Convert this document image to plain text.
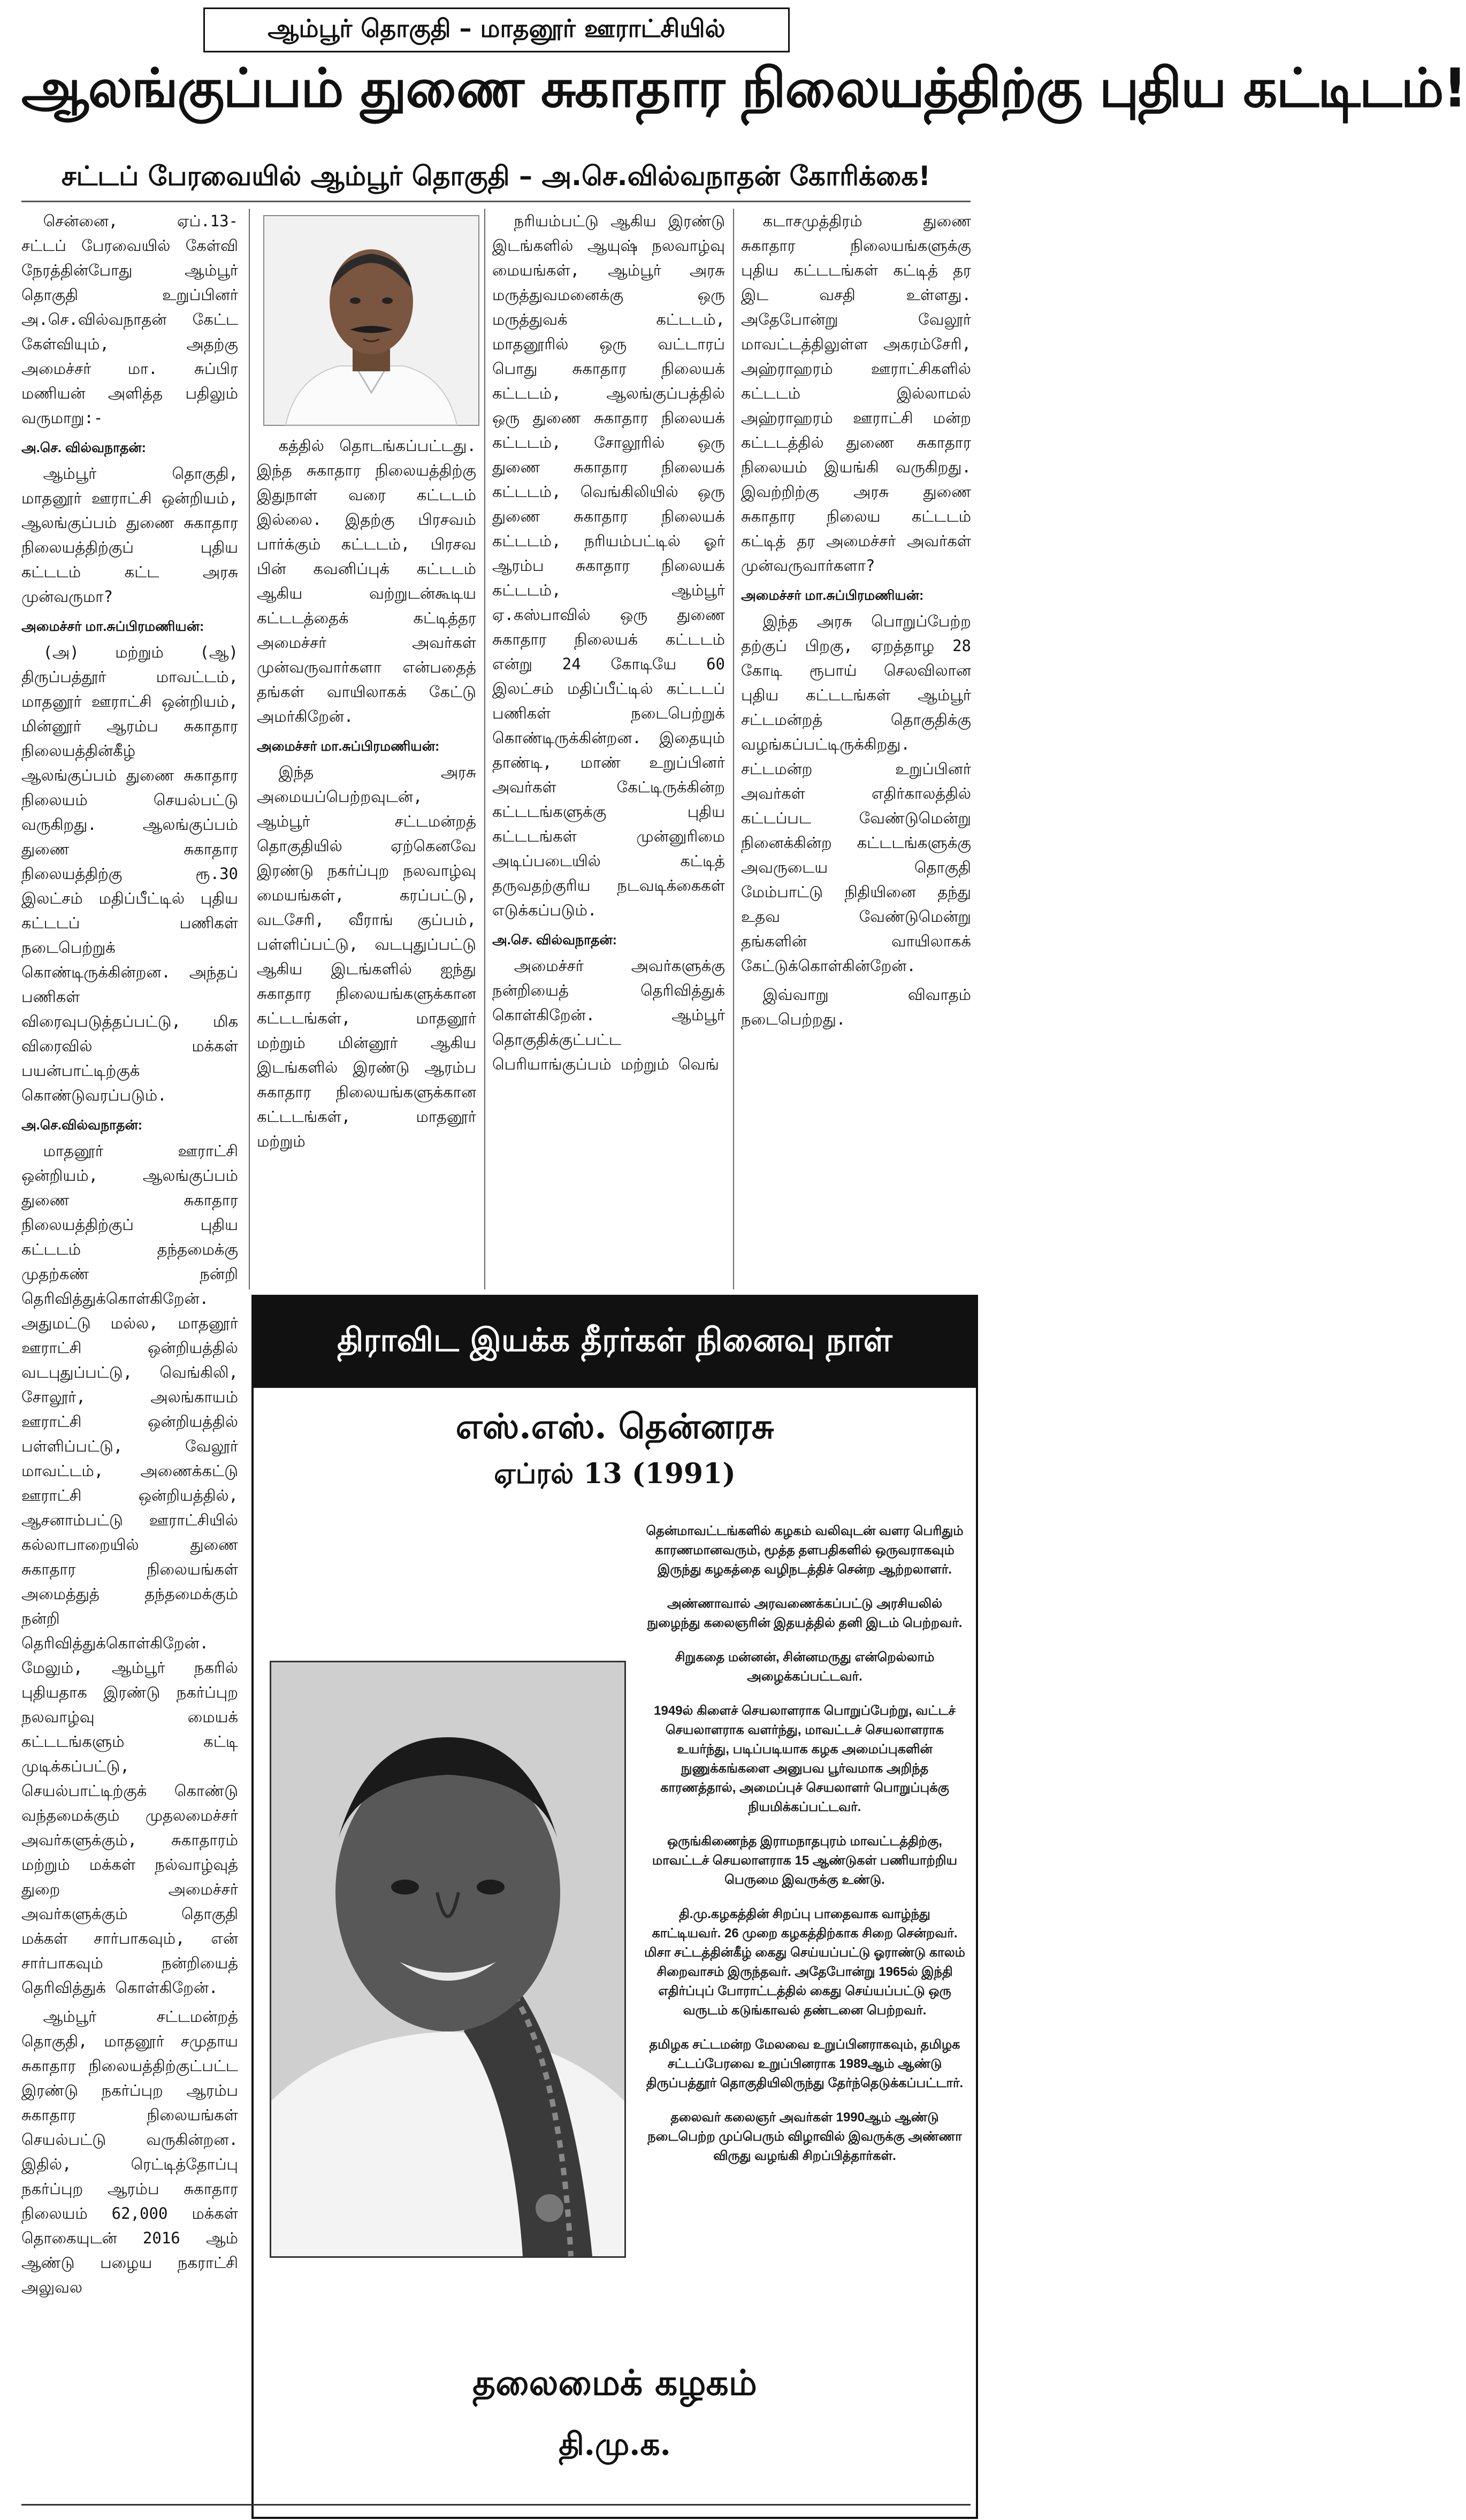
ஆம்பூர் தொகுதி – மாதனூர் ஊராட்சியில்
ஆலங்குப்பம் துணை சுகாதார நிலையத்திற்கு புதிய கட்டிடம்!
சட்டப் பேரவையில் ஆம்பூர் தொகுதி – அ.செ.வில்வநாதன் கோரிக்கை!

சென்னை, ஏப்.13- சட்டப் பேரவையில் கேள்வி நேரத்தின்போது ஆம்பூர் தொகுதி உறுப்பினர் அ.செ.வில்வநாதன் கேட்ட கேள்வியும், அதற்கு அமைச்சர் மா. சுப்பிர மணியன் அளித்த பதிலும் வருமாறு:-

அ.செ. வில்வநாதன்:

ஆம்பூர் தொகுதி, மாதனூர் ஊராட்சி ஒன்றியம், ஆலங்குப்பம் துணை சுகாதார நிலையத்திற்குப் புதிய கட்டடம் கட்ட அரசு முன்வருமா?

அமைச்சர் மா.சுப்பிரமணியன்:

(அ) மற்றும் (ஆ) திருப்பத்தூர் மாவட்டம், மாதனூர் ஊராட்சி ஒன்றியம், மின்னூர் ஆரம்ப சுகாதார நிலையத்தின்கீழ் ஆலங்குப்பம் துணை சுகாதார நிலையம் செயல்பட்டு வருகிறது. ஆலங்குப்பம் துணை சுகாதார நிலையத்திற்கு ரூ.30 இலட்சம் மதிப்பீட்டில் புதிய கட்டடப் பணிகள் நடைபெற்றுக் கொண்டிருக்கின்றன. அந்தப் பணிகள் விரைவுபடுத்தப்பட்டு, மிக விரைவில் மக்கள் பயன்பாட்டிற்குக் கொண்டுவரப்படும்.

அ.செ.வில்வநாதன்:

மாதனூர் ஊராட்சி ஒன்றியம், ஆலங்குப்பம் துணை சுகாதார நிலையத்திற்குப் புதிய கட்டடம் தந்தமைக்கு முதற்கண் நன்றி தெரிவித்துக்கொள்கிறேன். அதுமட்டு மல்ல, மாதனூர் ஊராட்சி ஒன்றியத்தில் வடபுதுப்பட்டு, வெங்கிலி, சோலூர், அலங்காயம் ஊராட்சி ஒன்றியத்தில் பள்ளிப்பட்டு, வேலூர் மாவட்டம், அணைக்கட்டு ஊராட்சி ஒன்றியத்தில், ஆசனாம்பட்டு ஊராட்சியில் கல்லாபாறையில் துணை சுகாதார நிலையங்கள் அமைத்துத் தந்தமைக்கும் நன்றி தெரிவித்துக்கொள்கிறேன். மேலும், ஆம்பூர் நகரில் புதியதாக இரண்டு நகர்ப்புற நலவாழ்வு மையக் கட்டடங்களும் கட்டி முடிக்கப்பட்டு, செயல்பாட்டிற்குக் கொண்டு வந்தமைக்கும் முதலமைச்சர் அவர்களுக்கும், சுகாதாரம் மற்றும் மக்கள் நல்வாழ்வுத் துறை அமைச்சர் அவர்களுக்கும் தொகுதி மக்கள் சார்பாகவும், என் சார்பாகவும் நன்றியைத் தெரிவித்துக் கொள்கிறேன்.

ஆம்பூர் சட்டமன்றத் தொகுதி, மாதனூர் சமுதாய சுகாதார நிலையத்திற்குட்பட்ட இரண்டு நகர்ப்புற ஆரம்ப சுகாதார நிலையங்கள் செயல்பட்டு வருகின்றன. இதில், ரெட்டித்தோப்பு நகர்ப்புற ஆரம்ப சுகாதார நிலையம் 62,000 மக்கள் தொகையுடன் 2016 ஆம் ஆண்டு பழைய நகராட்சி அலுவல

கத்தில் தொடங்கப்பட்டது. இந்த சுகாதார நிலையத்திற்கு இதுநாள் வரை கட்டடம் இல்லை. இதற்கு பிரசவம் பார்க்கும் கட்டடம், பிரசவ பின் கவனிப்புக் கட்டடம் ஆகிய வற்றுடன்கூடிய கட்டடத்தைக் கட்டித்தர அமைச்சர் அவர்கள் முன்வருவார்களா என்பதைத் தங்கள் வாயிலாகக் கேட்டு அமர்கிறேன்.

அமைச்சர் மா.சுப்பிரமணியன்:

இந்த அரசு அமையப்பெற்றவுடன், ஆம்பூர் சட்டமன்றத் தொகுதியில் ஏற்கெனவே இரண்டு நகர்ப்புற நலவாழ்வு மையங்கள், கரப்பட்டு, வடசேரி, வீராங் குப்பம், பள்ளிப்பட்டு, வடபுதுப்பட்டு ஆகிய இடங்களில் ஐந்து சுகாதார நிலையங்களுக்கான கட்டடங்கள், மாதனூர் மற்றும் மின்னூர் ஆகிய இடங்களில் இரண்டு ஆரம்ப சுகாதார நிலையங்களுக்கான கட்டடங்கள், மாதனூர் மற்றும்

நரியம்பட்டு ஆகிய இரண்டு இடங்களில் ஆயுஷ் நலவாழ்வு மையங்கள், ஆம்பூர் அரசு மருத்துவமனைக்கு ஒரு மருத்துவக் கட்டடம், மாதனூரில் ஒரு வட்டாரப் பொது சுகாதார நிலையக் கட்டடம், ஆலங்குப்பத்தில் ஒரு துணை சுகாதார நிலையக் கட்டடம், சோலூரில் ஒரு துணை சுகாதார நிலையக் கட்டடம், வெங்கிலியில் ஒரு துணை சுகாதார நிலையக் கட்டடம், நரியம்பட்டில் ஓர் ஆரம்ப சுகாதார நிலையக் கட்டடம், ஆம்பூர் ஏ.கஸ்பாவில் ஒரு துணை சுகாதார நிலையக் கட்டடம் என்று 24 கோடியே 60 இலட்சம் மதிப்பீட்டில் கட்டடப் பணிகள் நடைபெற்றுக் கொண்டிருக்கின்றன. இதையும் தாண்டி, மாண் உறுப்பினர் அவர்கள் கேட்டிருக்கின்ற கட்டடங்களுக்கு புதிய கட்டடங்கள் முன்னுரிமை அடிப்படையில் கட்டித் தருவதற்குரிய நடவடிக்கைகள் எடுக்கப்படும்.

அ.செ. வில்வநாதன்:

அமைச்சர் அவர்களுக்கு நன்றியைத் தெரிவித்துக் கொள்கிறேன். ஆம்பூர் தொகுதிக்குட்பட்ட பெரியாங்குப்பம் மற்றும் வெங்

கடாசமுத்திரம் துணை சுகாதார நிலையங்களுக்கு புதிய கட்டடங்கள் கட்டித் தர இட வசதி உள்ளது. அதேபோன்று வேலூர் மாவட்டத்திலுள்ள அகரம்சேரி, அஹ்ராஹரம் ஊராட்சிகளில் கட்டடம் இல்லாமல் அஹ்ராஹரம் ஊராட்சி மன்ற கட்டடத்தில் துணை சுகாதார நிலையம் இயங்கி வருகிறது. இவற்றிற்கு அரசு துணை சுகாதார நிலைய கட்டடம் கட்டித் தர அமைச்சர் அவர்கள் முன்வருவார்களா?

அமைச்சர் மா.சுப்பிரமணியன்:

இந்த அரசு பொறுப்பேற்ற தற்குப் பிறகு, ஏறத்தாழ 28 கோடி ரூபாய் செலவிலான புதிய கட்டடங்கள் ஆம்பூர் சட்டமன்றத் தொகுதிக்கு வழங்கப்பட்டிருக்கிறது. சட்டமன்ற உறுப்பினர் அவர்கள் எதிர்காலத்தில் கட்டப்பட வேண்டுமென்று நினைக்கின்ற கட்டடங்களுக்கு அவருடைய தொகுதி மேம்பாட்டு நிதியினை தந்து உதவ வேண்டுமென்று தங்களின் வாயிலாகக் கேட்டுக்கொள்கின்றேன்.

இவ்வாறு விவாதம் நடைபெற்றது.

திராவிட இயக்க தீரர்கள் நினைவு நாள்
எஸ்.எஸ். தென்னரசு
ஏப்ரல் 13 (1991)

தென்மாவட்டங்களில் கழகம் வலிவுடன் வளர பெரிதும் காரணமானவரும், மூத்த தளபதிகளில் ஒருவராகவும் இருந்து கழகத்தை வழிநடத்திச் சென்ற ஆற்றலாளர்.

அண்ணாவால் அரவணைக்கப்பட்டு அரசியலில் நுழைந்து கலைஞரின் இதயத்தில் தனி இடம் பெற்றவர்.

சிறுகதை மன்னன், சின்னமருது என்றெல்லாம் அழைக்கப்பட்டவர்.

1949ல் கிளைச் செயலாளராக பொறுப்பேற்று, வட்டச் செயலாளராக வளர்ந்து, மாவட்டச் செயலாளராக உயர்ந்து, படிப்படியாக கழக அமைப்புகளின் நுணுக்கங்களை அனுபவ பூர்வமாக அறிந்த காரணத்தால், அமைப்புச் செயலாளர் பொறுப்புக்கு நியமிக்கப்பட்டவர்.

ஒருங்கிணைந்த இராமநாதபுரம் மாவட்டத்திற்கு, மாவட்டச் செயலாளராக 15 ஆண்டுகள் பணியாற்றிய பெருமை இவருக்கு உண்டு.

தி.மு.கழகத்தின் சிறப்பு பாதைவாக வாழ்ந்து காட்டியவர். 26 முறை கழகத்திற்காக சிறை சென்றவர். மிசா சட்டத்தின்கீழ் கைது செய்யப்பட்டு ஓராண்டு காலம் சிறைவாசம் இருந்தவர். அதேபோன்று 1965ல் இந்தி எதிர்ப்புப் போராட்டத்தில் கைது செய்யப்பட்டு ஒரு வருடம் கடுங்காவல் தண்டனை பெற்றவர்.

தமிழக சட்டமன்ற மேலவை உறுப்பினராகவும், தமிழக சட்டப்பேரவை உறுப்பினராக 1989ஆம் ஆண்டு திருப்பத்தூர் தொகுதியிலிருந்து தேர்ந்தெடுக்கப்பட்டார்.

தலைவர் கலைஞர் அவர்கள் 1990ஆம் ஆண்டு நடைபெற்ற முப்பெரும் விழாவில் இவருக்கு அண்ணா விருது வழங்கி சிறப்பித்தார்கள்.

தலைமைக் கழகம்
தி.மு.க.
